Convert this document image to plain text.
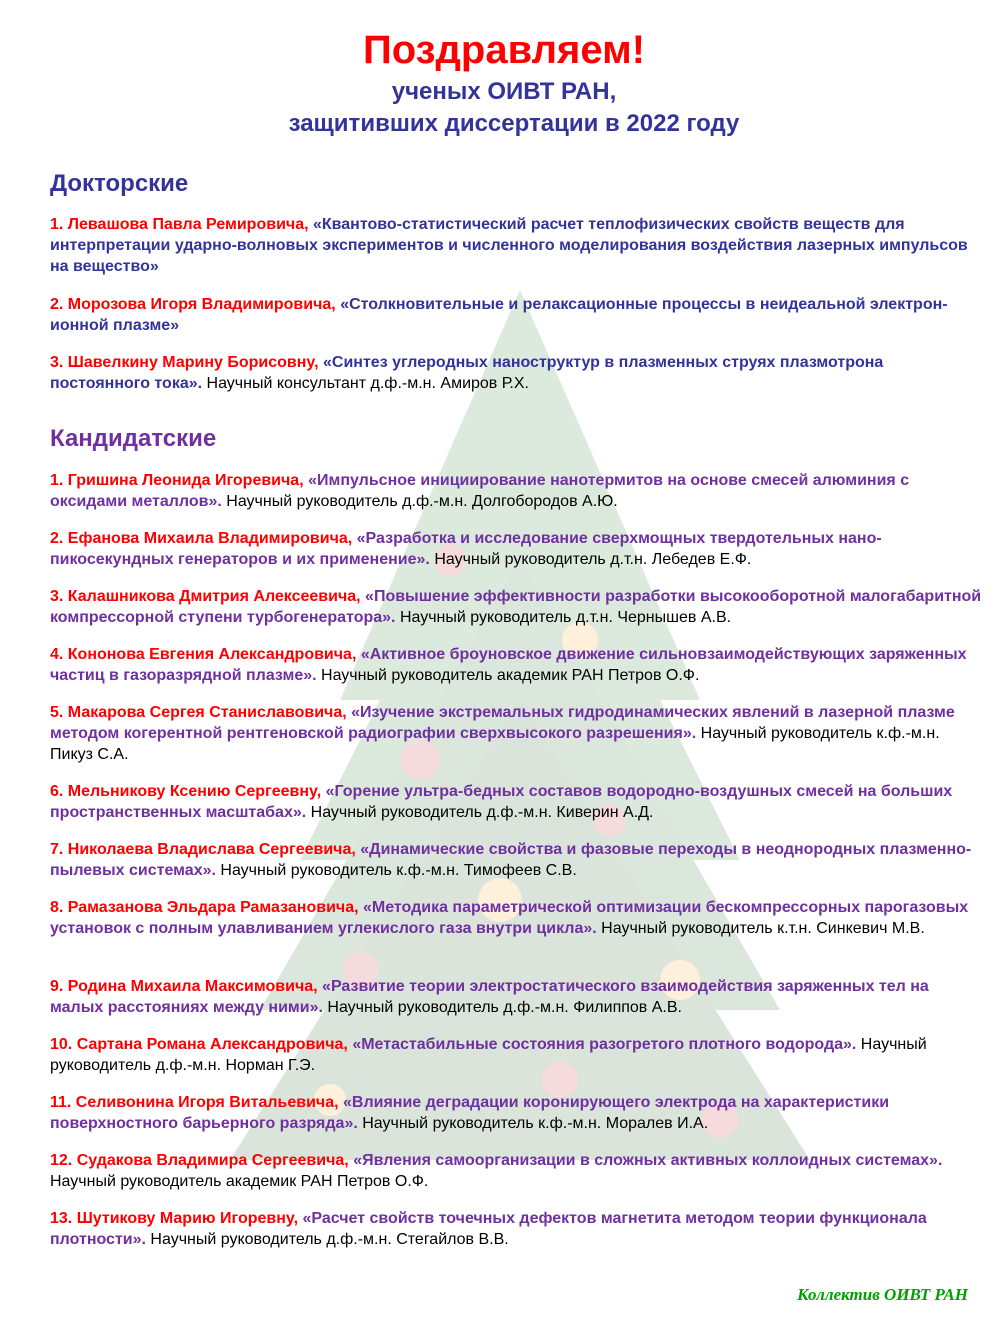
Поздравляем!
ученых ОИВТ РАН,
защитивших диссертации в 2022 году
Докторские
1. Левашова Павла Ремировича, «Квантово-статистический расчет теплофизических свойств веществ для интерпретации ударно-волновых экспериментов и численного моделирования воздействия лазерных импульсов на вещество»
2. Морозова Игоря Владимировича, «Столкновительные и релаксационные процессы в неидеальной электрон-ионной плазме»
3. Шавелкину Марину Борисовну, «Синтез углеродных наноструктур в плазменных струях плазмотрона постоянного тока». Научный консультант д.ф.-м.н. Амиров Р.Х.
Кандидатские
1. Гришина Леонида Игоревича, «Импульсное инициирование нанотермитов на основе смесей алюминия с оксидами металлов». Научный руководитель д.ф.-м.н. Долгобородов А.Ю.
2. Ефанова Михаила Владимировича, «Разработка и исследование сверхмощных твердотельных нано-пикосекундных генераторов и их применение». Научный руководитель д.т.н. Лебедев Е.Ф.
3. Калашникова Дмитрия Алексеевича, «Повышение эффективности разработки высокооборотной малогабаритной компрессорной ступени турбогенератора». Научный руководитель д.т.н. Чернышев А.В.
4. Кононова Евгения Александровича, «Активное броуновское движение сильновзаимодействующих заряженных частиц в газоразрядной плазме». Научный руководитель академик РАН Петров О.Ф.
5. Макарова Сергея Станиславовича, «Изучение экстремальных гидродинамических явлений в лазерной плазме методом когерентной рентгеновской радиографии сверхвысокого разрешения». Научный руководитель к.ф.-м.н. Пикуз С.А.
6. Мельникову Ксению Сергеевну, «Горение ультра-бедных составов водородно-воздушных смесей на больших пространственных масштабах». Научный руководитель д.ф.-м.н. Киверин А.Д.
7. Николаева Владислава Сергеевича, «Динамические свойства и фазовые переходы в неоднородных плазменно-пылевых системах». Научный руководитель к.ф.-м.н. Тимофеев С.В.
8. Рамазанова Эльдара Рамазановича, «Методика параметрической оптимизации бескомпрессорных парогазовых установок с полным улавливанием углекислого газа внутри цикла». Научный руководитель к.т.н. Синкевич М.В.
9. Родина Михаила Максимовича, «Развитие теории электростатического взаимодействия заряженных тел на малых расстояниях между ними». Научный руководитель д.ф.-м.н. Филиппов А.В.
10. Сартана Романа Александровича, «Метастабильные состояния разогретого плотного водорода». Научный руководитель д.ф.-м.н. Норман Г.Э.
11. Селивонина Игоря Витальевича, «Влияние деградации коронирующего электрода на характеристики поверхностного барьерного разряда». Научный руководитель к.ф.-м.н. Моралев И.А.
12. Судакова Владимира Сергеевича, «Явления самоорганизации в сложных активных коллоидных системах». Научный руководитель академик РАН Петров О.Ф.
13. Шутикову Марию Игоревну, «Расчет свойств точечных дефектов магнетита методом теории функционала плотности». Научный руководитель д.ф.-м.н. Стегайлов В.В.
Коллектив ОИВТ РАН
